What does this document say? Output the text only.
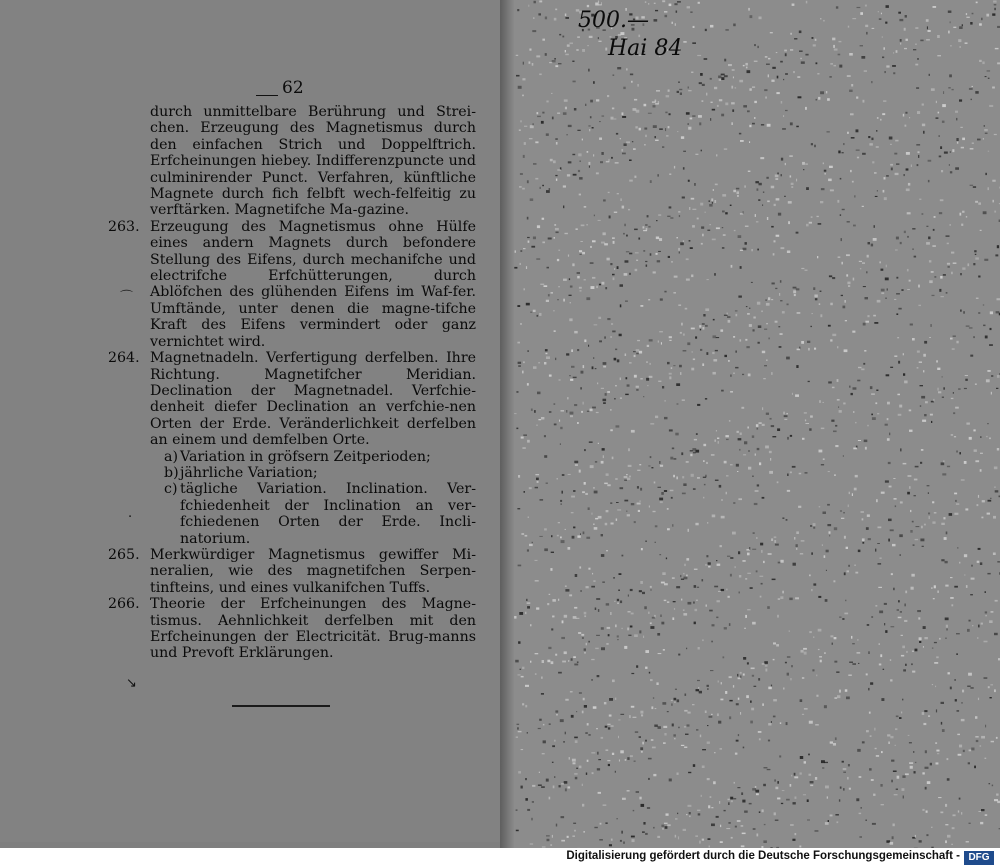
62

durch unmittelbare Berührung und Strei-chen. Erzeugung des Magnetismus durch den einfachen Strich und Doppelftrich. Erfcheinungen hiebey. Indifferenzpuncte und culminirender Punct. Verfahren, künftliche Magnete durch fich felbft wech-felfeitig zu verftärken. Magnetifche Ma-gazine.

263. Erzeugung des Magnetismus ohne Hülfe eines andern Magnets durch befondere Stellung des Eifens, durch mechanifche und electrifche Erfchütterungen, durch Ablöfchen des glühenden Eifens im Waf-fer. Umftände, unter denen die magne-tifche Kraft des Eifens vermindert oder ganz vernichtet wird.

264. Magnetnadeln. Verfertigung derfelben. Ihre Richtung. Magnetifcher Meridian. Declination der Magnetnadel. Verfchie-denheit diefer Declination an verfchie-nen Orten der Erde. Veränderlichkeit derfelben an einem und demfelben Orte.
a) Variation in gröfsern Zeitperioden;
b) jährliche Variation;
c) tägliche Variation. Inclination. Ver-fchiedenheit der Inclination an ver-fchiedenen Orten der Erde. Incli-natorium.

265. Merkwürdiger Magnetismus gewiffer Mi-neralien, wie des magnetifchen Serpen-tinfteins, und eines vulkanifchen Tuffs.

266. Theorie der Erfcheinungen des Magne-tismus. Aehnlichkeit derfelben mit den Erfcheinungen der Electricität. Brug-manns und Prevoft Erklärungen.

⌒
·
↘
500.—
Hai 84
Digitalisierung gefördert durch die Deutsche Forschungsgemeinschaft - DFG
